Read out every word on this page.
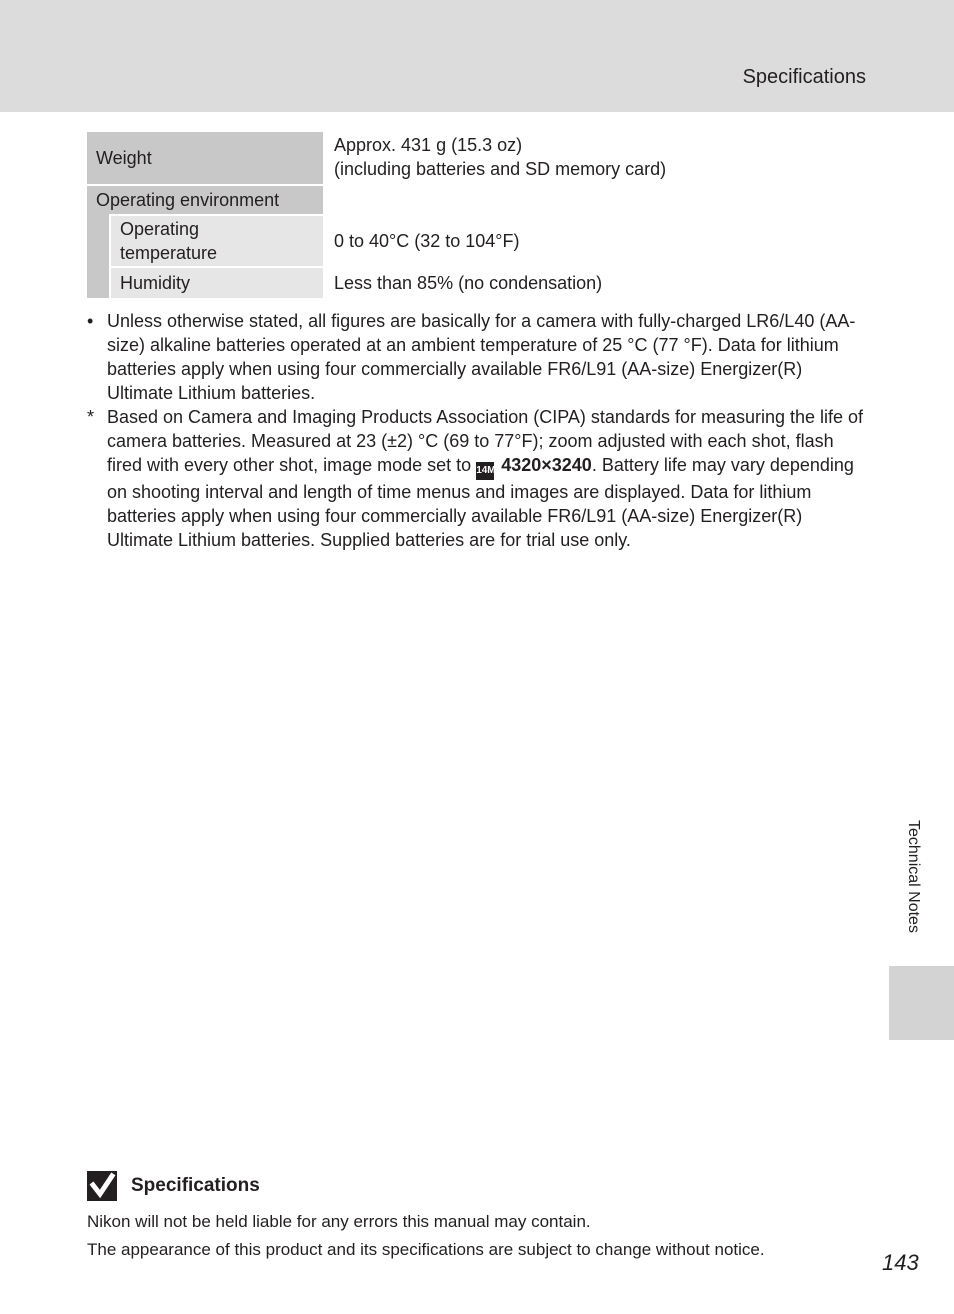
Specifications
Weight
Approx. 431 g (15.3 oz)
(including batteries and SD memory card)
Operating environment
Operating
temperature
0 to 40°C (32 to 104°F)
Humidity	Less than 85% (no condensation)
• Unless otherwise stated, all figures are basically for a camera with fully-charged LR6/L40 (AA-size) alkaline batteries operated at an ambient temperature of 25 °C (77 °F). Data for lithium batteries apply when using four commercially available FR6/L91 (AA-size) Energizer(R) Ultimate Lithium batteries.
* Based on Camera and Imaging Products Association (CIPA) standards for measuring the life of camera batteries. Measured at 23 (±2) °C (69 to 77°F); zoom adjusted with each shot, flash fired with every other shot, image mode set to 14M 4320×3240. Battery life may vary depending on shooting interval and length of time menus and images are displayed. Data for lithium batteries apply when using four commercially available FR6/L91 (AA-size) Energizer(R) Ultimate Lithium batteries. Supplied batteries are for trial use only.
Technical Notes
Specifications
Nikon will not be held liable for any errors this manual may contain.
The appearance of this product and its specifications are subject to change without notice.
143
